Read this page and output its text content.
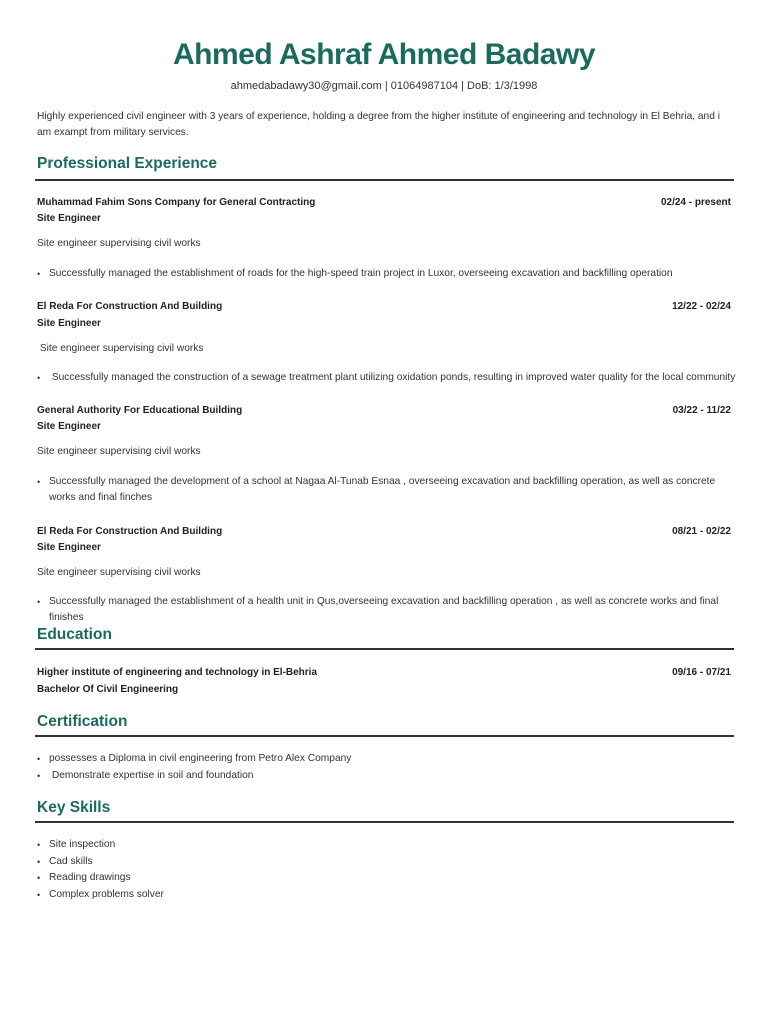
Ahmed Ashraf Ahmed Badawy
ahmedabadawy30@gmail.com | 01064987104 | DoB: 1/3/1998
Highly experienced civil engineer with 3 years of experience, holding a degree from the higher institute of engineering and technology in El Behria, and i am exampt from military services.
Professional Experience
Muhammad Fahim Sons Company for General Contracting	02/24 - present
Site Engineer
Site engineer supervising civil works
• Successfully managed the establishment of roads for the high-speed train project in Luxor, overseeing excavation and backfilling operation
El Reda For Construction And Building	12/22 - 02/24
Site Engineer
Site engineer supervising civil works
• Successfully managed the construction of a sewage treatment plant utilizing oxidation ponds, resulting in improved water quality for the local community
General Authority For Educational Building	03/22 - 11/22
Site Engineer
Site engineer supervising civil works
• Successfully managed the development of a school at Nagaa Al-Tunab Esnaa , overseeing excavation and backfilling operation, as well as concrete works and final finches
El Reda For Construction And Building	08/21 - 02/22
Site Engineer
Site engineer supervising civil works
• Successfully managed the establishment of a health unit in Qus,overseeing excavation and backfilling operation , as well as concrete works and final finishes
Education
Higher institute of engineering and technology in El-Behria	09/16 - 07/21
Bachelor Of Civil Engineering
Certification
• possesses a Diploma in civil engineering from Petro Alex Company
• Demonstrate expertise in soil and foundation
Key Skills
• Site inspection
• Cad skills
• Reading drawings
• Complex problems solver
